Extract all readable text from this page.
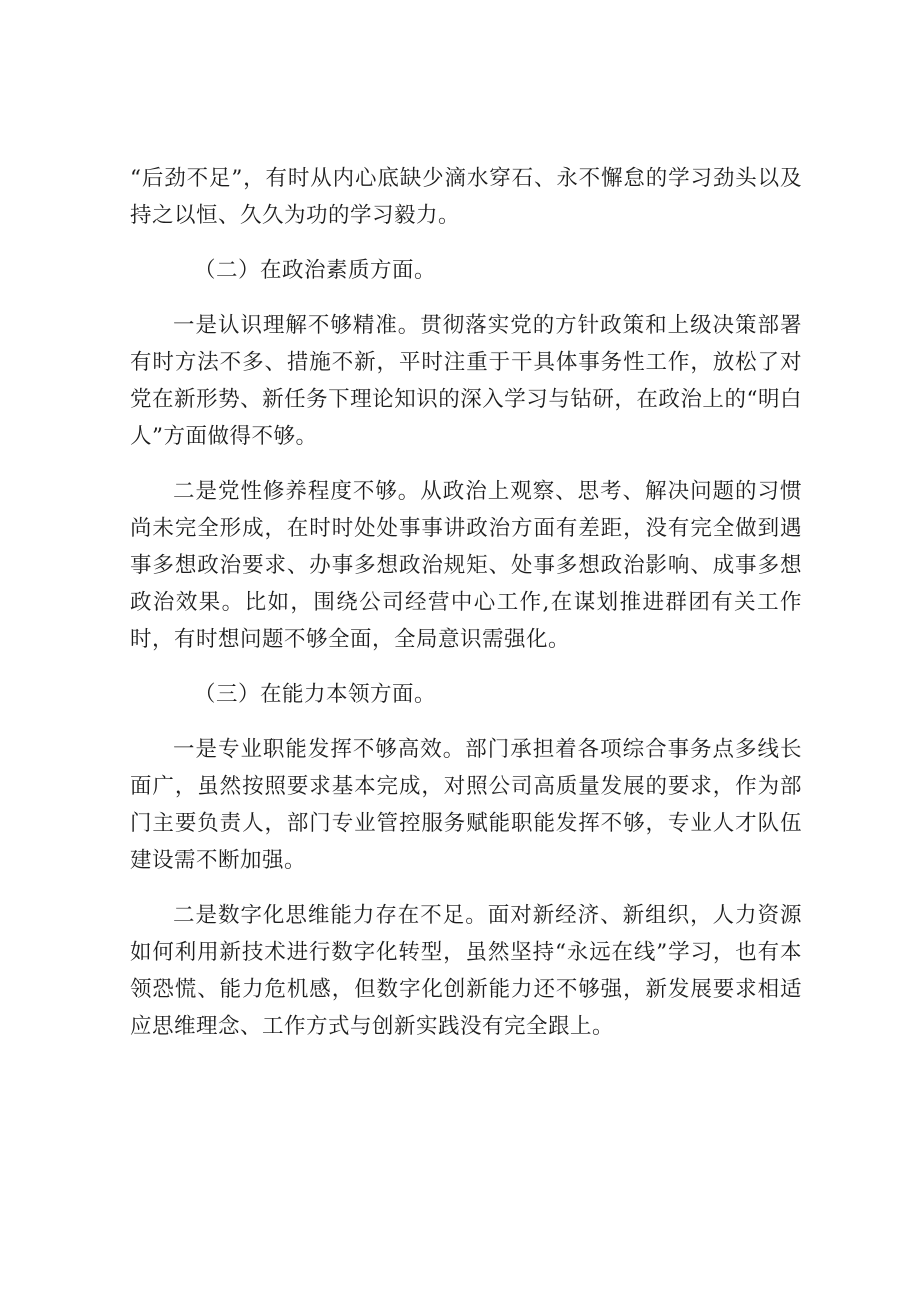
“后劲不足”，有时从内心底缺少滴水穿石、永不懈怠的学习劲头以及持之以恒、久久为功的学习毅力。

（二）在政治素质方面。

一是认识理解不够精准。贯彻落实党的方针政策和上级决策部署有时方法不多、措施不新，平时注重于干具体事务性工作，放松了对党在新形势、新任务下理论知识的深入学习与钻研，在政治上的“明白人”方面做得不够。

二是党性修养程度不够。从政治上观察、思考、解决问题的习惯尚未完全形成，在时时处处事事讲政治方面有差距，没有完全做到遇事多想政治要求、办事多想政治规矩、处事多想政治影响、成事多想政治效果。比如，围绕公司经营中心工作,在谋划推进群团有关工作时，有时想问题不够全面，全局意识需强化。

（三）在能力本领方面。

一是专业职能发挥不够高效。部门承担着各项综合事务点多线长面广，虽然按照要求基本完成，对照公司高质量发展的要求，作为部门主要负责人，部门专业管控服务赋能职能发挥不够，专业人才队伍建设需不断加强。

二是数字化思维能力存在不足。面对新经济、新组织，人力资源如何利用新技术进行数字化转型，虽然坚持“永远在线”学习，也有本领恐慌、能力危机感，但数字化创新能力还不够强，新发展要求相适应思维理念、工作方式与创新实践没有完全跟上。
